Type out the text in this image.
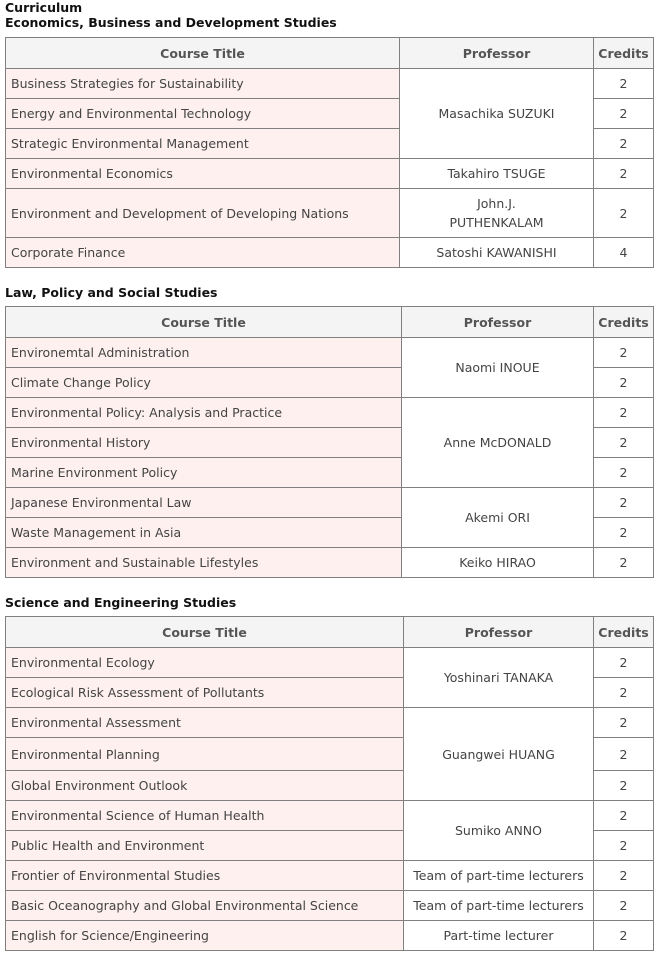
Curriculum
Economics, Business and Development Studies
Course Title	Professor	Credits
Business Strategies for Sustainability	Masachika SUZUKI	2
Energy and Environmental Technology		2
Strategic Environmental Management		2
Environmental Economics	Takahiro TSUGE	2
Environment and Development of Developing Nations	John.J. PUTHENKALAM	2
Corporate Finance	Satoshi KAWANISHI	4
Law, Policy and Social Studies
Course Title	Professor	Credits
Environemtal Administration	Naomi INOUE	2
Climate Change Policy		2
Environmental Policy: Analysis and Practice	Anne McDONALD	2
Environmental History		2
Marine Environment Policy		2
Japanese Environmental Law	Akemi ORI	2
Waste Management in Asia		2
Environment and Sustainable Lifestyles	Keiko HIRAO	2
Science and Engineering Studies
Course Title	Professor	Credits
Environmental Ecology	Yoshinari TANAKA	2
Ecological Risk Assessment of Pollutants		2
Environmental Assessment	Guangwei HUANG	2
Environmental Planning		2
Global Environment Outlook		2
Environmental Science of Human Health	Sumiko ANNO	2
Public Health and Environment		2
Frontier of Environmental Studies	Team of part-time lecturers	2
Basic Oceanography and Global Environmental Science	Team of part-time lecturers	2
English for Science/Engineering	Part-time lecturer	2
